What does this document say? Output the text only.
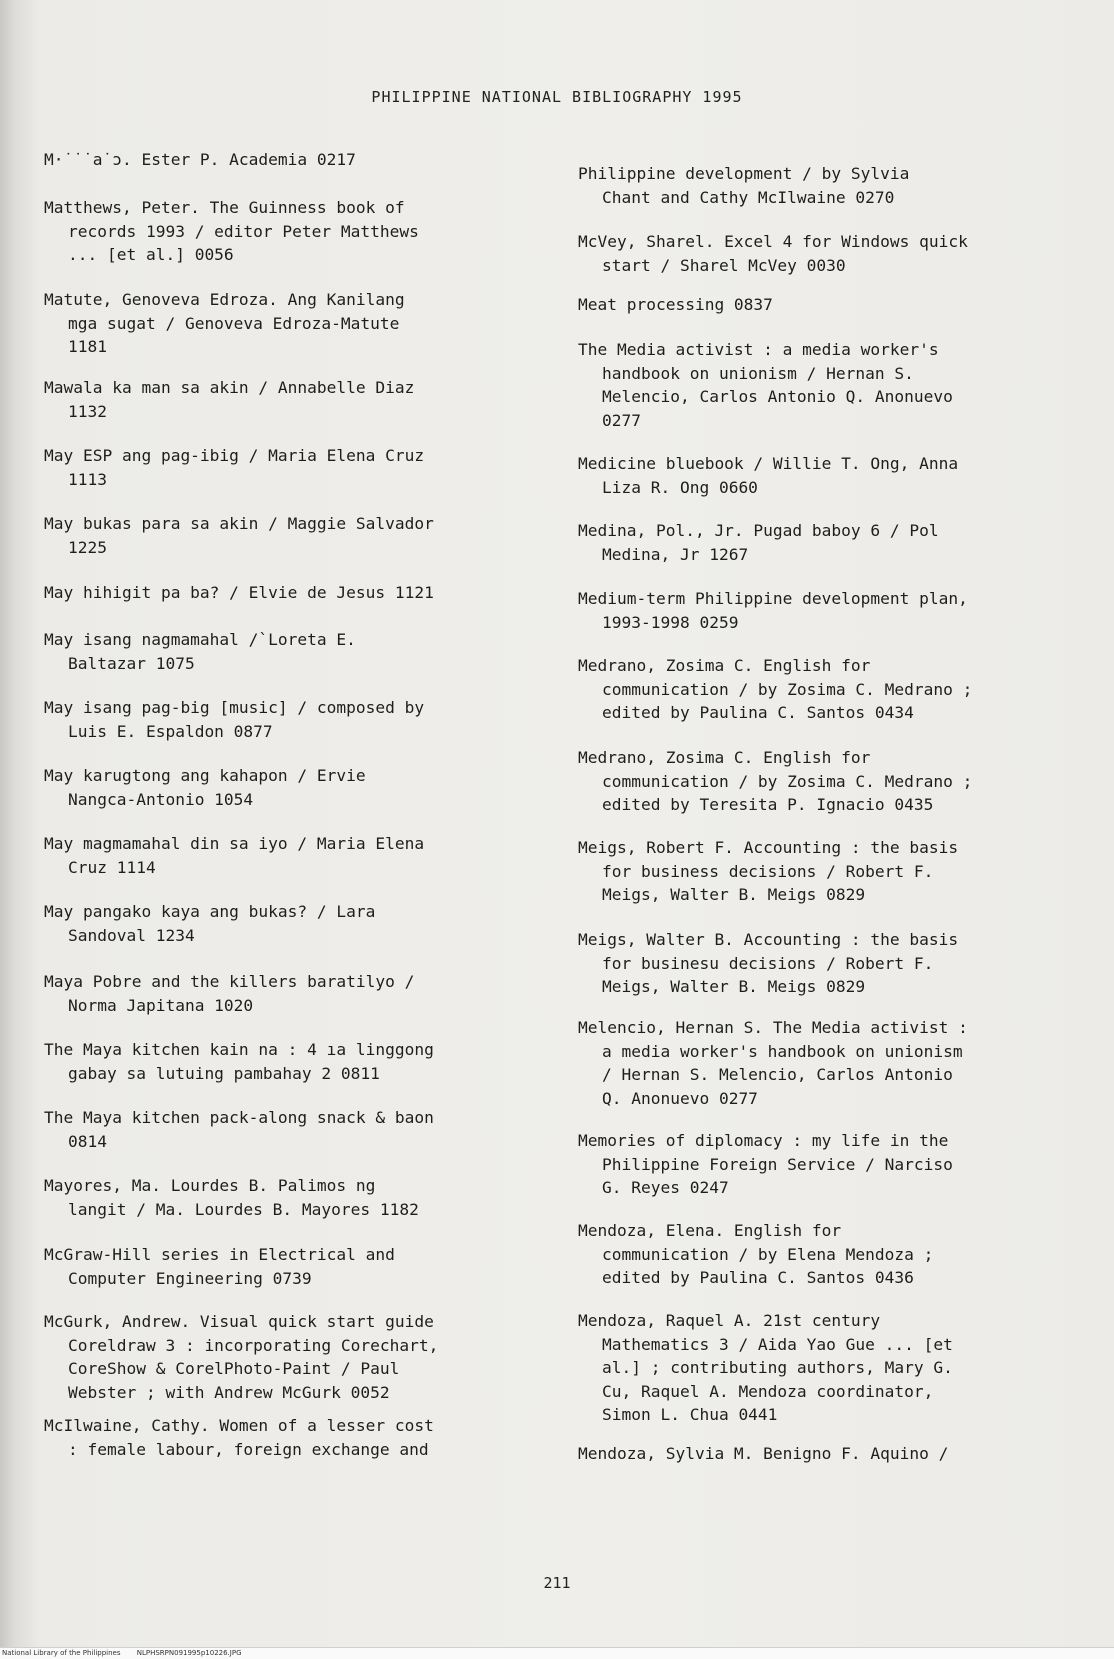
PHILIPPINE NATIONAL BIBLIOGRAPHY 1995
M·˙˙˙a˙ɔ. Ester P. Academia 0217
Matthews, Peter. The Guinness book of
records 1993 / editor Peter Matthews
... [et al.] 0056
Matute, Genoveva Edroza. Ang Kanilang
mga sugat / Genoveva Edroza-Matute
1181
Mawala ka man sa akin / Annabelle Diaz
1132
May ESP ang pag-ibig / Maria Elena Cruz
1113
May bukas para sa akin / Maggie Salvador
1225
May hihigit pa ba? / Elvie de Jesus 1121
May isang nagmamahal /`Loreta E.
Baltazar 1075
May isang pag-big [music] / composed by
Luis E. Espaldon 0877
May karugtong ang kahapon / Ervie
Nangca-Antonio 1054
May magmamahal din sa iyo / Maria Elena
Cruz 1114
May pangako kaya ang bukas? / Lara
Sandoval 1234
Maya Pobre and the killers baratilyo /
Norma Japitana 1020
The Maya kitchen kain na : 4 ıa linggong
gabay sa lutuing pambahay 2 0811
The Maya kitchen pack-along snack & baon
0814
Mayores, Ma. Lourdes B. Palimos ng
langit / Ma. Lourdes B. Mayores 1182
McGraw-Hill series in Electrical and
Computer Engineering 0739
McGurk, Andrew. Visual quick start guide
Coreldraw 3 : incorporating Corechart,
CoreShow & CorelPhoto-Paint / Paul
Webster ; with Andrew McGurk 0052
McIlwaine, Cathy. Women of a lesser cost
: female labour, foreign exchange and
Philippine development / by Sylvia
Chant and Cathy McIlwaine 0270
McVey, Sharel. Excel 4 for Windows quick
start / Sharel McVey 0030
Meat processing 0837
The Media activist : a media worker's
handbook on unionism / Hernan S.
Melencio, Carlos Antonio Q. Anonuevo
0277
Medicine bluebook / Willie T. Ong, Anna
Liza R. Ong 0660
Medina, Pol., Jr. Pugad baboy 6 / Pol
Medina, Jr 1267
Medium-term Philippine development plan,
1993-1998 0259
Medrano, Zosima C. English for
communication / by Zosima C. Medrano ;
edited by Paulina C. Santos 0434
Medrano, Zosima C. English for
communication / by Zosima C. Medrano ;
edited by Teresita P. Ignacio 0435
Meigs, Robert F. Accounting : the basis
for business decisions / Robert F.
Meigs, Walter B. Meigs 0829
Meigs, Walter B. Accounting : the basis
for businesu decisions / Robert F.
Meigs, Walter B. Meigs 0829
Melencio, Hernan S. The Media activist :
a media worker's handbook on unionism
/ Hernan S. Melencio, Carlos Antonio
Q. Anonuevo 0277
Memories of diplomacy : my life in the
Philippine Foreign Service / Narciso
G. Reyes 0247
Mendoza, Elena. English for
communication / by Elena Mendoza ;
edited by Paulina C. Santos 0436
Mendoza, Raquel A. 21st century
Mathematics 3 / Aida Yao Gue ... [et
al.] ; contributing authors, Mary G.
Cu, Raquel A. Mendoza coordinator,
Simon L. Chua 0441
Mendoza, Sylvia M. Benigno F. Aquino /
211
National Library of the Philippines NLPHSRPN091995p10226.JPG
